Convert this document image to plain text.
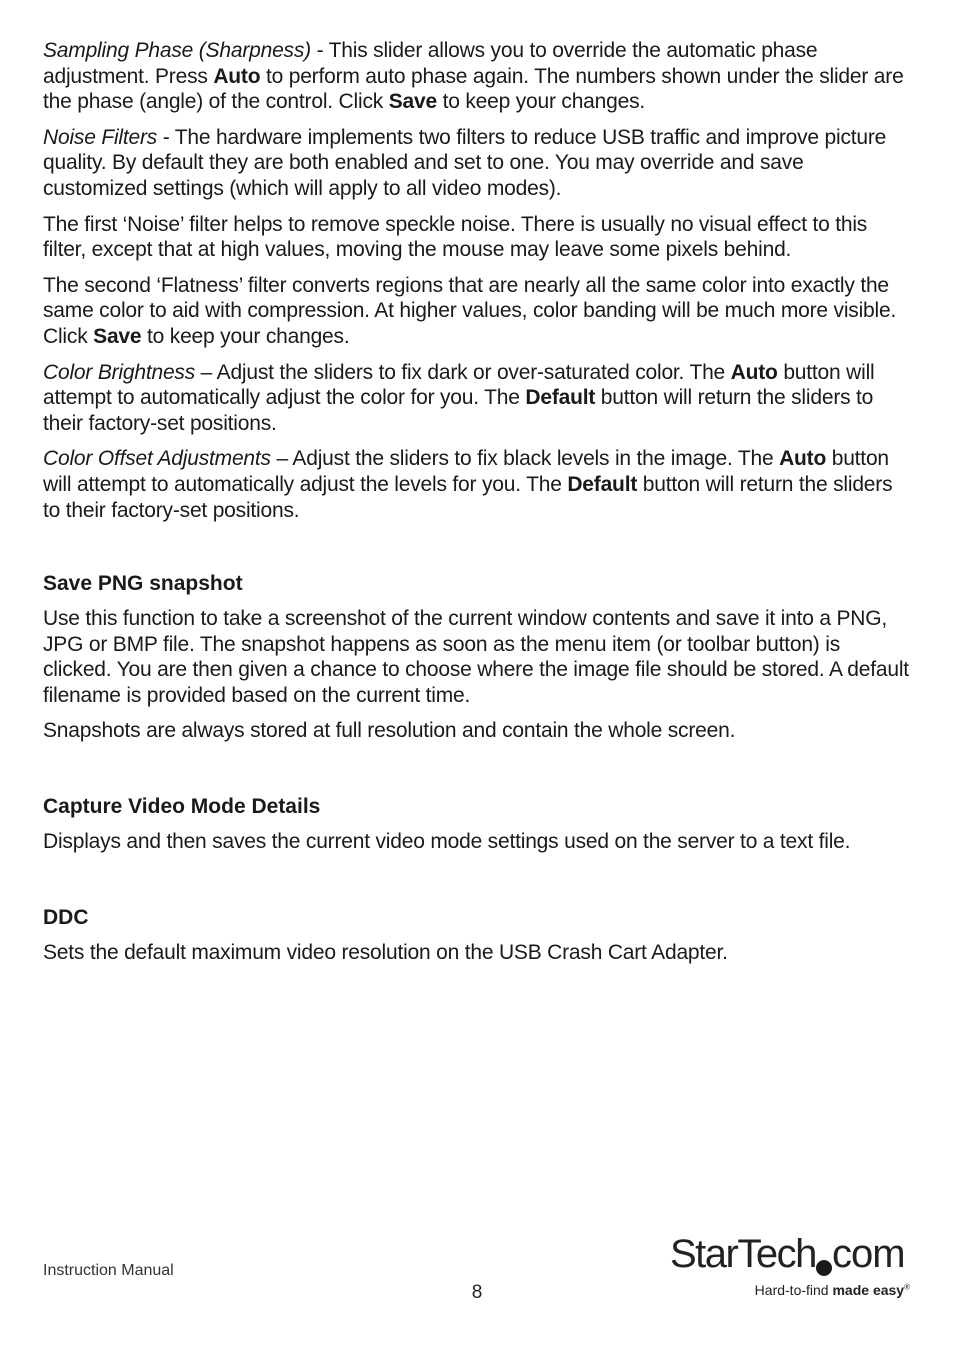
Sampling Phase (Sharpness) - This slider allows you to override the automatic phase adjustment. Press Auto to perform auto phase again. The numbers shown under the slider are the phase (angle) of the control. Click Save to keep your changes.

Noise Filters - The hardware implements two filters to reduce USB traffic and improve picture quality. By default they are both enabled and set to one. You may override and save customized settings (which will apply to all video modes).

The first ‘Noise’ filter helps to remove speckle noise. There is usually no visual effect to this filter, except that at high values, moving the mouse may leave some pixels behind.

The second ‘Flatness’ filter converts regions that are nearly all the same color into exactly the same color to aid with compression. At higher values, color banding will be much more visible. Click Save to keep your changes.

Color Brightness – Adjust the sliders to fix dark or over-saturated color. The Auto button will attempt to automatically adjust the color for you. The Default button will return the sliders to their factory-set positions.

Color Offset Adjustments – Adjust the sliders to fix black levels in the image. The Auto button will attempt to automatically adjust the levels for you. The Default button will return the sliders to their factory-set positions.

Save PNG snapshot

Use this function to take a screenshot of the current window contents and save it into a PNG, JPG or BMP file. The snapshot happens as soon as the menu item (or toolbar button) is clicked. You are then given a chance to choose where the image file should be stored. A default filename is provided based on the current time.

Snapshots are always stored at full resolution and contain the whole screen.

Capture Video Mode Details

Displays and then saves the current video mode settings used on the server to a text file.

DDC

Sets the default maximum video resolution on the USB Crash Cart Adapter.

Instruction Manual
8
StarTech com
Hard-to-find made easy®
